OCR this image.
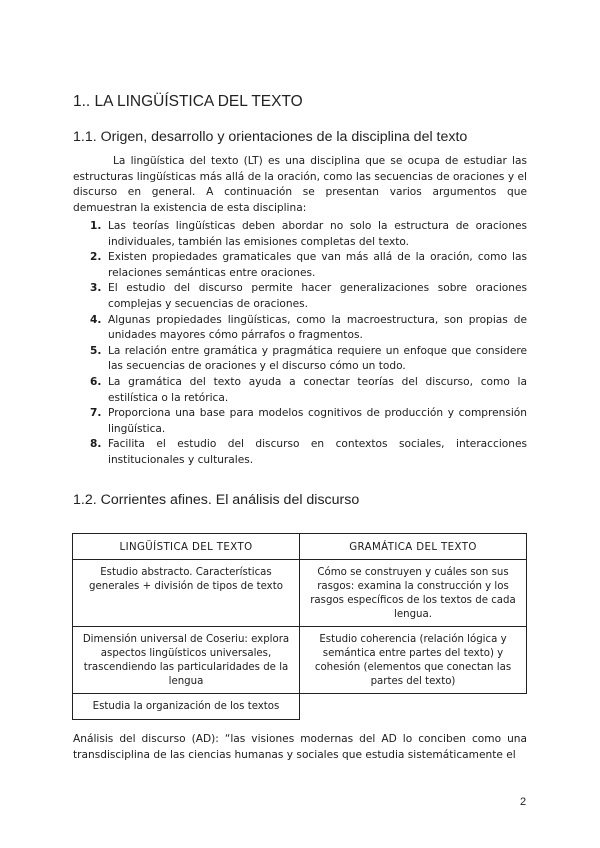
1.. LA LINGÜÍSTICA DEL TEXTO
1.1. Origen, desarrollo y orientaciones de la disciplina del texto

La lingüística del texto (LT) es una disciplina que se ocupa de estudiar las estructuras lingüísticas más allá de la oración, como las secuencias de oraciones y el discurso en general. A continuación se presentan varios argumentos que demuestran la existencia de esta disciplina:

1. Las teorías lingüísticas deben abordar no solo la estructura de oraciones individuales, también las emisiones completas del texto.
2. Existen propiedades gramaticales que van más allá de la oración, como las relaciones semánticas entre oraciones.
3. El estudio del discurso permite hacer generalizaciones sobre oraciones complejas y secuencias de oraciones.
4. Algunas propiedades lingüísticas, como la macroestructura, son propias de unidades mayores cómo párrafos o fragmentos.
5. La relación entre gramática y pragmática requiere un enfoque que considere las secuencias de oraciones y el discurso cómo un todo.
6. La gramática del texto ayuda a conectar teorías del discurso, como la estilística o la retórica.
7. Proporciona una base para modelos cognitivos de producción y comprensión lingüística.
8. Facilita el estudio del discurso en contextos sociales, interacciones institucionales y culturales.
1.2. Corrientes afines. El análisis del discurso
LINGÜÍSTICA DEL TEXTO	GRAMÁTICA DEL TEXTO
Estudio abstracto. Características generales + división de tipos de texto	Cómo se construyen y cuáles son sus rasgos: examina la construcción y los rasgos específicos de los textos de cada lengua.
Dimensión universal de Coseriu: explora aspectos lingüísticos universales, trascendiendo las particularidades de la lengua	Estudio coherencia (relación lógica y semántica entre partes del texto) y cohesión (elementos que conectan las partes del texto)
Estudia la organización de los textos	

Análisis del discurso (AD): “las visiones modernas del AD lo conciben como una transdisciplina de las ciencias humanas y sociales que estudia sistemáticamente el

2
